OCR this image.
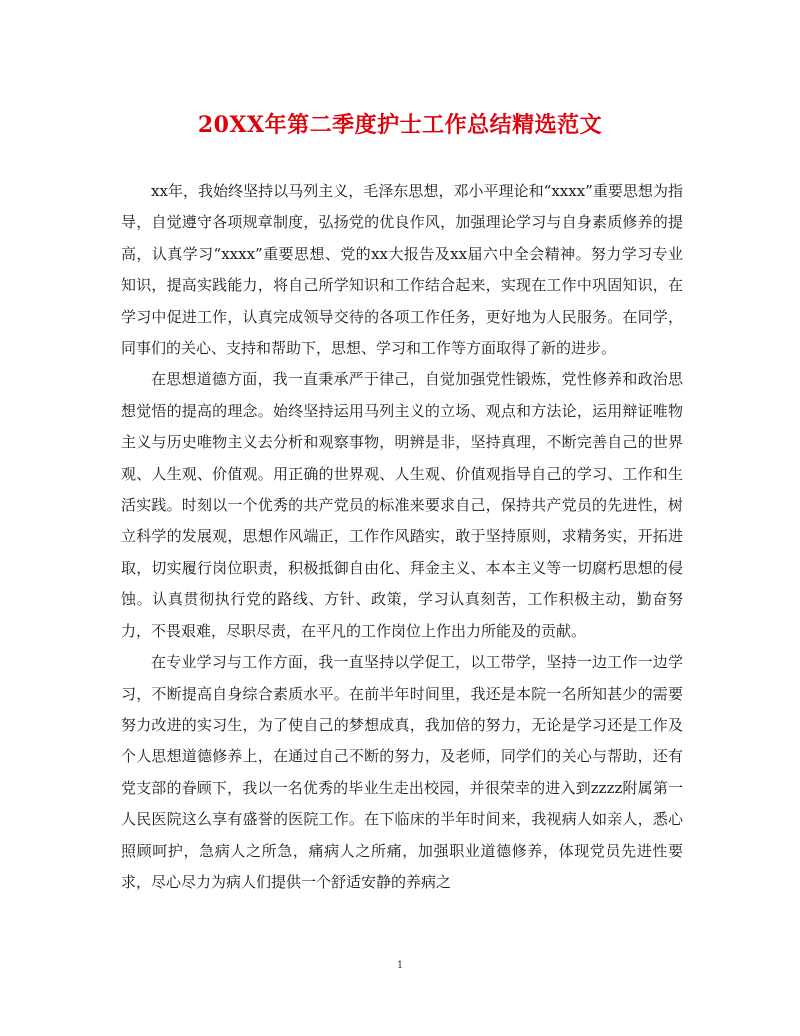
20XX年第二季度护士工作总结精选范文

xx年，我始终坚持以马列主义，毛泽东思想，邓小平理论和“xxxx”重要思想为指导，自觉遵守各项规章制度，弘扬党的优良作风，加强理论学习与自身素质修养的提高，认真学习“xxxx”重要思想、党的xx大报告及xx届六中全会精神。努力学习专业知识，提高实践能力，将自己所学知识和工作结合起来，实现在工作中巩固知识，在学习中促进工作，认真完成领导交待的各项工作任务，更好地为人民服务。在同学，同事们的关心、支持和帮助下，思想、学习和工作等方面取得了新的进步。

在思想道德方面，我一直秉承严于律己，自觉加强党性锻炼，党性修养和政治思想觉悟的提高的理念。始终坚持运用马列主义的立场、观点和方法论，运用辩证唯物主义与历史唯物主义去分析和观察事物，明辨是非，坚持真理，不断完善自己的世界观、人生观、价值观。用正确的世界观、人生观、价值观指导自己的学习、工作和生活实践。时刻以一个优秀的共产党员的标准来要求自己，保持共产党员的先进性，树立科学的发展观，思想作风端正，工作作风踏实，敢于坚持原则，求精务实，开拓进取，切实履行岗位职责，积极抵御自由化、拜金主义、本本主义等一切腐朽思想的侵蚀。认真贯彻执行党的路线、方针、政策，学习认真刻苦，工作积极主动，勤奋努力，不畏艰难，尽职尽责，在平凡的工作岗位上作出力所能及的贡献。

在专业学习与工作方面，我一直坚持以学促工，以工带学，坚持一边工作一边学习，不断提高自身综合素质水平。在前半年时间里，我还是本院一名所知甚少的需要努力改进的实习生，为了使自己的梦想成真，我加倍的努力，无论是学习还是工作及个人思想道德修养上，在通过自己不断的努力，及老师，同学们的关心与帮助，还有党支部的眷顾下，我以一名优秀的毕业生走出校园，并很荣幸的进入到zzzz附属第一人民医院这么享有盛誉的医院工作。在下临床的半年时间来，我视病人如亲人，悉心照顾呵护，急病人之所急，痛病人之所痛，加强职业道德修养，体现党员先进性要求，尽心尽力为病人们提供一个舒适安静的养病之

1
